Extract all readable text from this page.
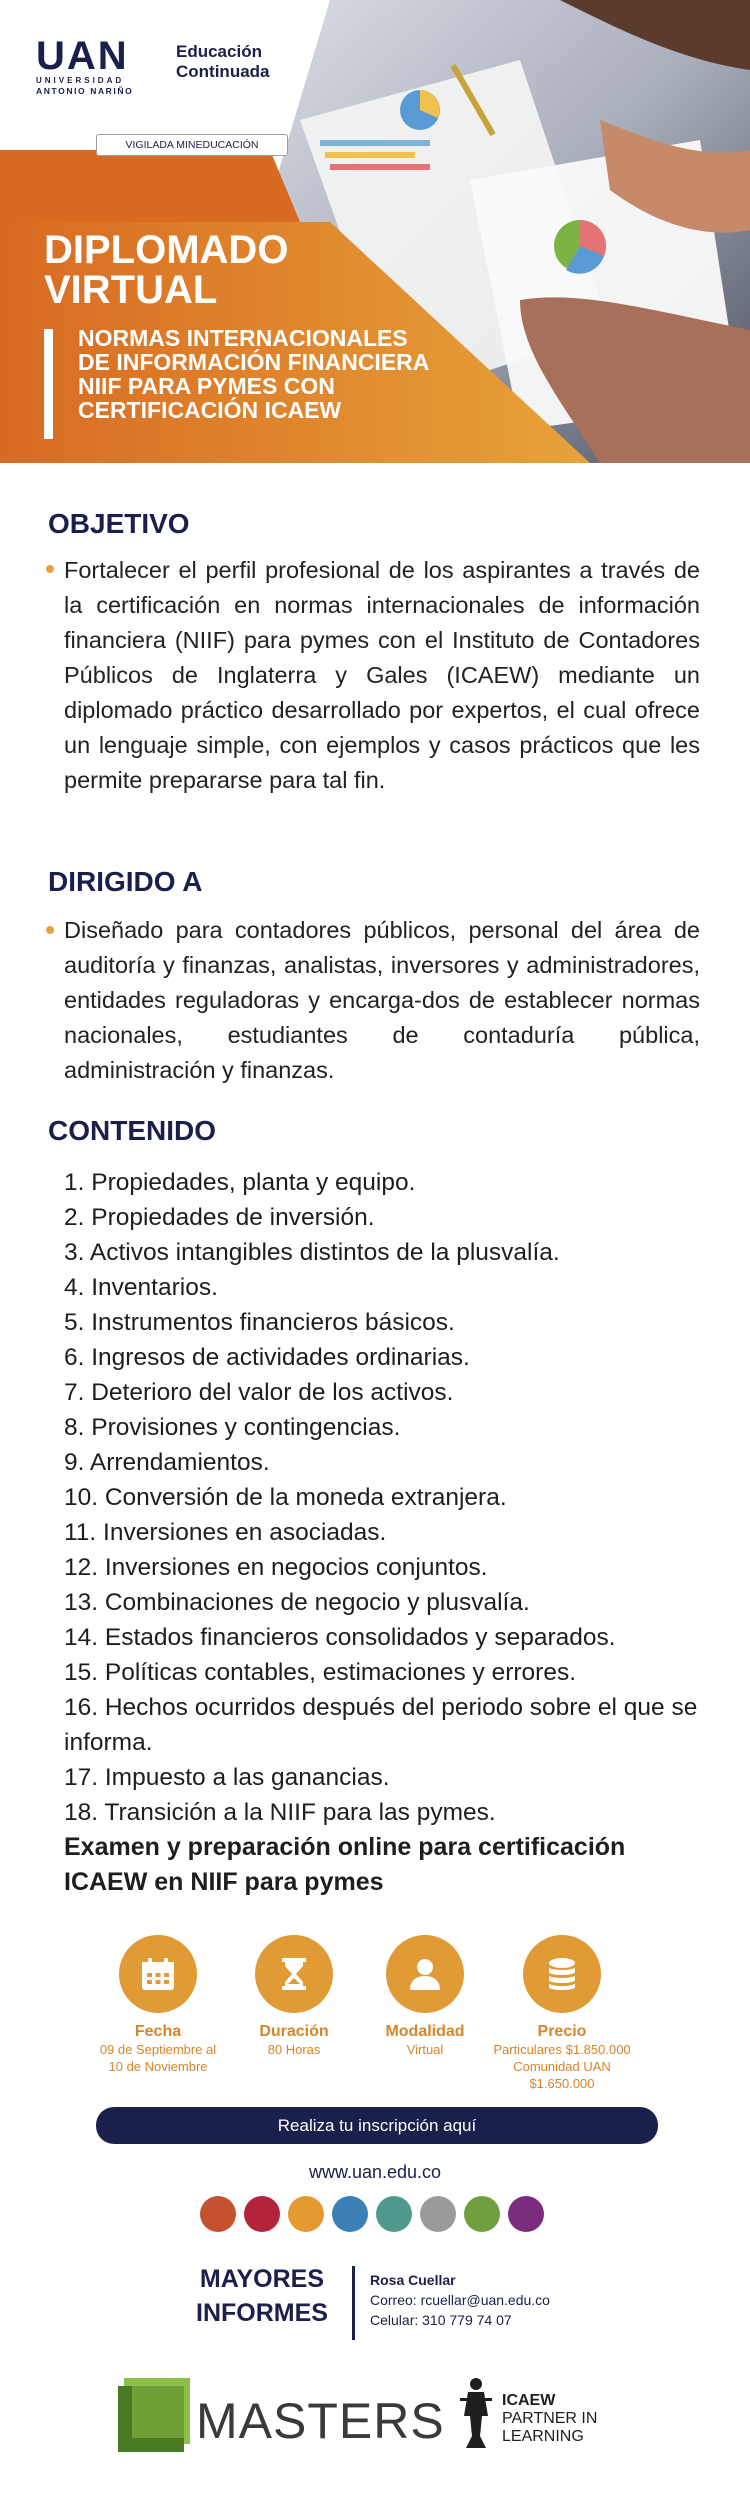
UAN
UNIVERSIDAD
ANTONIO NARIÑO
Educación
Continuada
VIGILADA MINEDUCACIÓN
DIPLOMADO
VIRTUAL
NORMAS INTERNACIONALES
DE INFORMACIÓN FINANCIERA
NIIF PARA PYMES CON
CERTIFICACIÓN ICAEW
OBJETIVO
Fortalecer el perfil profesional de los aspirantes a través de la certificación en normas internacionales de información financiera (NIIF) para pymes con el Instituto de Contadores Públicos de Inglaterra y Gales (ICAEW) mediante un diplomado práctico desarrollado por expertos, el cual ofrece un lenguaje simple, con ejemplos y casos prácticos que les permite prepararse para tal fin.
DIRIGIDO A
Diseñado para contadores públicos, personal del área de auditoría y finanzas, analistas, inversores y administradores, entidades reguladoras y encarga-dos de establecer normas nacionales, estudiantes de contaduría pública, administración y finanzas.
CONTENIDO
1. Propiedades, planta y equipo.
2. Propiedades de inversión.
3. Activos intangibles distintos de la plusvalía.
4. Inventarios.
5. Instrumentos financieros básicos.
6. Ingresos de actividades ordinarias.
7. Deterioro del valor de los activos.
8. Provisiones y contingencias.
9. Arrendamientos.
10. Conversión de la moneda extranjera.
11. Inversiones en asociadas.
12. Inversiones en negocios conjuntos.
13. Combinaciones de negocio y plusvalía.
14. Estados financieros consolidados y separados.
15. Políticas contables, estimaciones y errores.
16. Hechos ocurridos después del periodo sobre el que se informa.
17. Impuesto a las ganancias.
18. Transición a la NIIF para las pymes.
Examen y preparación online para certificación ICAEW en NIIF para pymes
Fecha
09 de Septiembre al
10 de Noviembre
Duración
80 Horas
Modalidad
Virtual
Precio
Particulares $1.850.000
Comunidad UAN $1.650.000
Realiza tu inscripción aquí
www.uan.edu.co
MAYORES
INFORMES
Rosa Cuellar
Correo: rcuellar@uan.edu.co
Celular: 310 779 74 07
MASTERS	ICAEW
PARTNER IN
LEARNING
